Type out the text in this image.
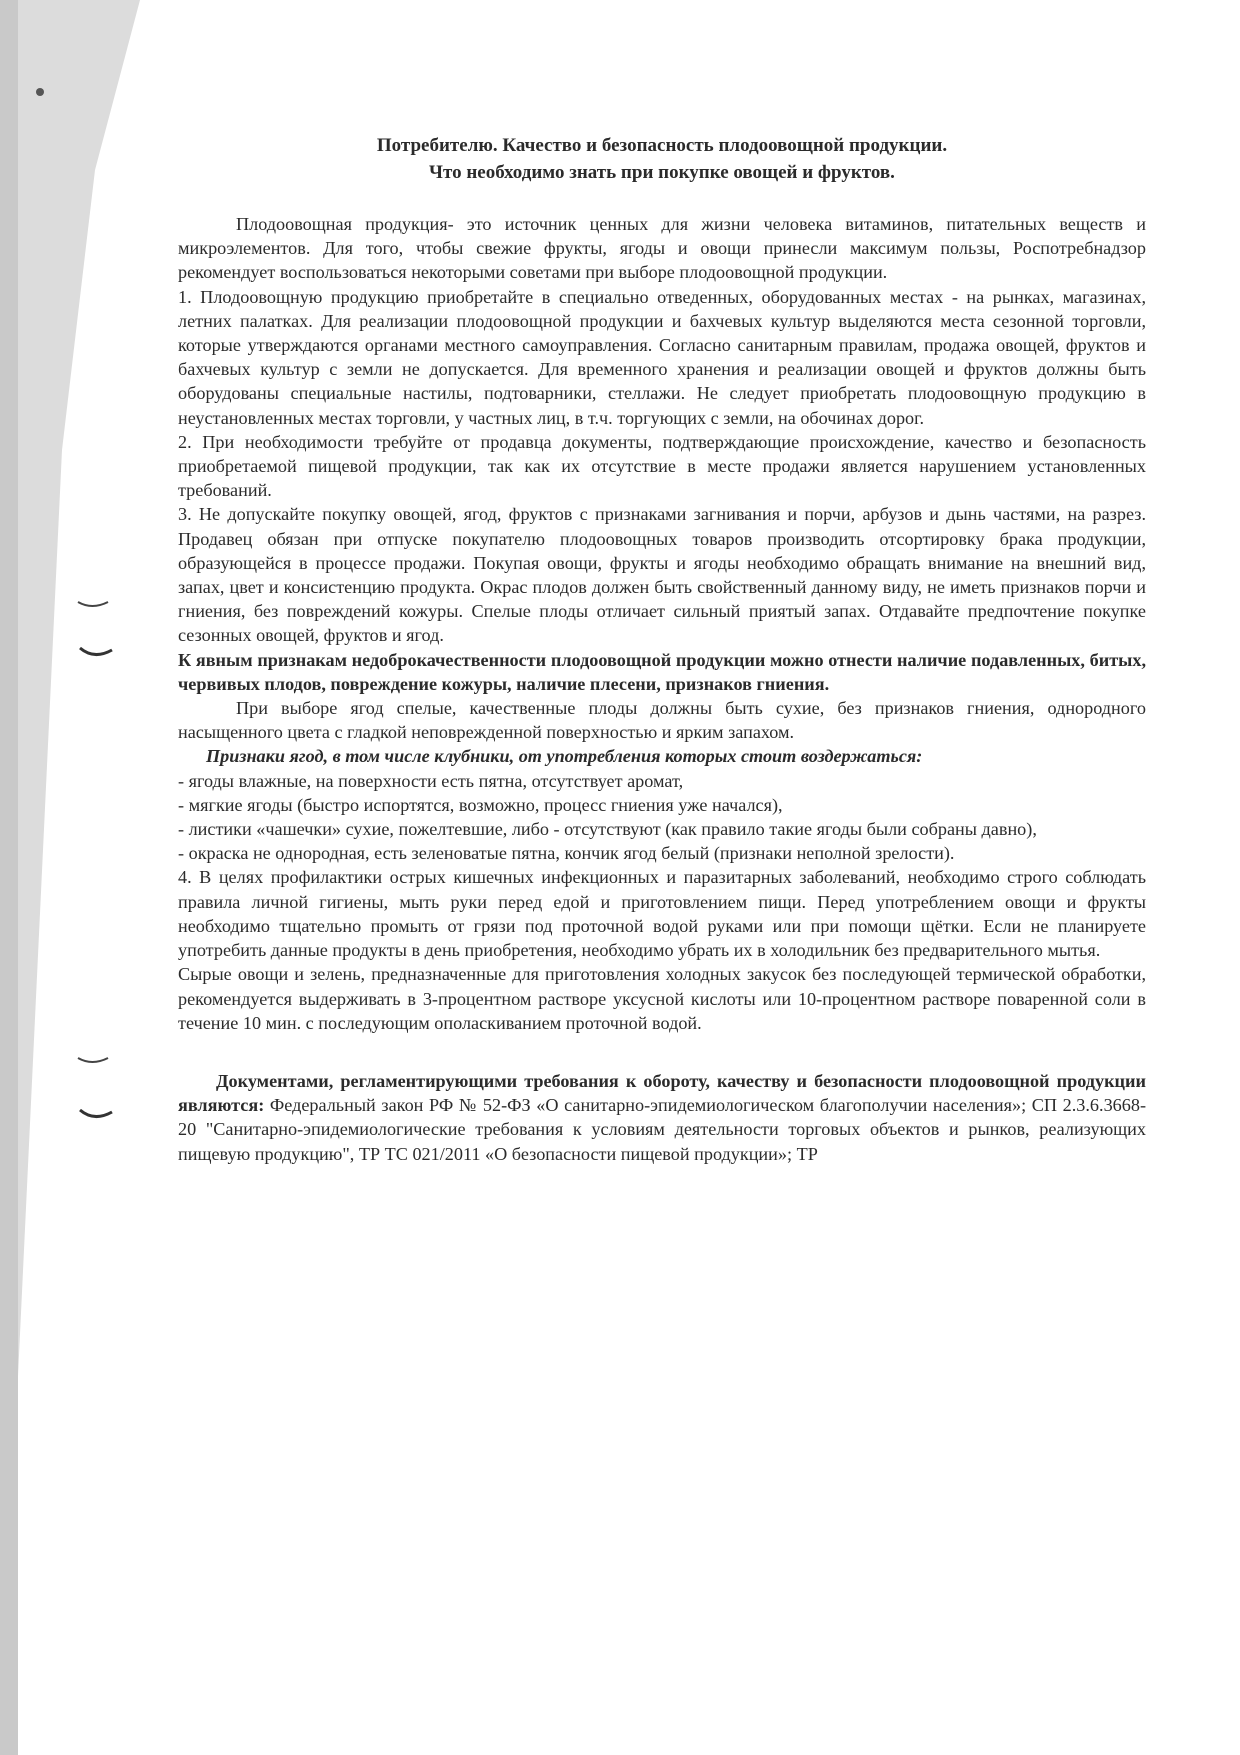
Потребителю. Качество и безопасность плодоовощной продукции.
Что необходимо знать при покупке овощей и фруктов.

Плодоовощная продукция- это источник ценных для жизни человека витаминов, питательных веществ и микроэлементов. Для того, чтобы свежие фрукты, ягоды и овощи принесли максимум пользы, Роспотребнадзор рекомендует воспользоваться некоторыми советами при выборе плодоовощной продукции.

1. Плодоовощную продукцию приобретайте в специально отведенных, оборудованных местах - на рынках, магазинах, летних палатках. Для реализации плодоовощной продукции и бахчевых культур выделяются места сезонной торговли, которые утверждаются органами местного самоуправления. Согласно санитарным правилам, продажа овощей, фруктов и бахчевых культур с земли не допускается. Для временного хранения и реализации овощей и фруктов должны быть оборудованы специальные настилы, подтоварники, стеллажи. Не следует приобретать плодоовощную продукцию в неустановленных местах торговли, у частных лиц, в т.ч. торгующих с земли, на обочинах дорог.

2. При необходимости требуйте от продавца документы, подтверждающие происхождение, качество и безопасность приобретаемой пищевой продукции, так как их отсутствие в месте продажи является нарушением установленных требований.

3. Не допускайте покупку овощей, ягод, фруктов с признаками загнивания и порчи, арбузов и дынь частями, на разрез. Продавец обязан при отпуске покупателю плодоовощных товаров производить отсортировку брака продукции, образующейся в процессе продажи. Покупая овощи, фрукты и ягоды необходимо обращать внимание на внешний вид, запах, цвет и консистенцию продукта. Окрас плодов должен быть свойственный данному виду, не иметь признаков порчи и гниения, без повреждений кожуры. Спелые плоды отличает сильный приятый запах. Отдавайте предпочтение покупке сезонных овощей, фруктов и ягод.

К явным признакам недоброкачественности плодоовощной продукции можно отнести наличие подавленных, битых, червивых плодов, повреждение кожуры, наличие плесени, признаков гниения.

При выборе ягод спелые, качественные плоды должны быть сухие, без признаков гниения, однородного насыщенного цвета с гладкой неповрежденной поверхностью и ярким запахом.

Признаки ягод, в том числе клубники, от употребления которых стоит воздержаться:

- ягоды влажные, на поверхности есть пятна, отсутствует аромат,

- мягкие ягоды (быстро испортятся, возможно, процесс гниения уже начался),

- листики «чашечки» сухие, пожелтевшие, либо - отсутствуют (как правило такие ягоды были собраны давно),

- окраска не однородная, есть зеленоватые пятна, кончик ягод белый (признаки неполной зрелости).

4. В целях профилактики острых кишечных инфекционных и паразитарных заболеваний, необходимо строго соблюдать правила личной гигиены, мыть руки перед едой и приготовлением пищи. Перед употреблением овощи и фрукты необходимо тщательно промыть от грязи под проточной водой руками или при помощи щётки. Если не планируете употребить данные продукты в день приобретения, необходимо убрать их в холодильник без предварительного мытья.

Сырые овощи и зелень, предназначенные для приготовления холодных закусок без последующей термической обработки, рекомендуется выдерживать в 3-процентном растворе уксусной кислоты или 10-процентном растворе поваренной соли в течение 10 мин. с последующим ополаскиванием проточной водой.

Документами, регламентирующими требования к обороту, качеству и безопасности плодоовощной продукции являются: Федеральный закон РФ № 52-ФЗ «О санитарно-эпидемиологическом благополучии населения»; СП 2.3.6.3668-20 "Санитарно-эпидемиологические требования к условиям деятельности торговых объектов и рынков, реализующих пищевую продукцию", ТР ТС 021/2011 «О безопасности пищевой продукции»; ТР
